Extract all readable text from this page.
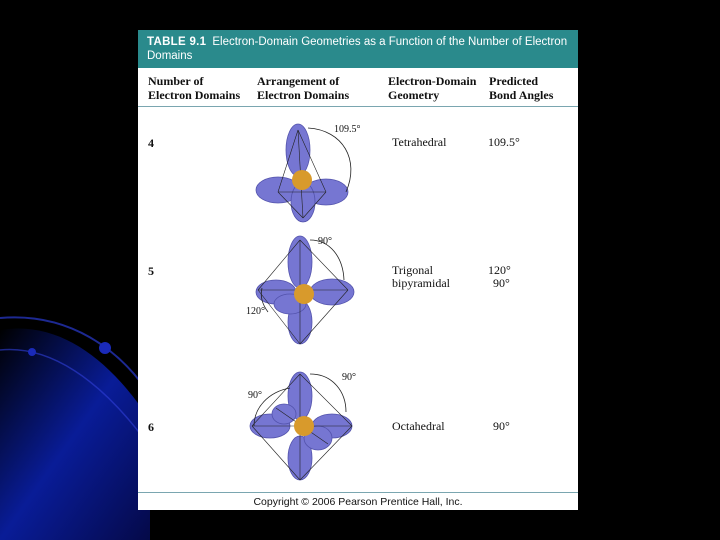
TABLE 9.1 Electron-Domain Geometries as a Function of the Number of Electron Domains
Number of
Electron Domains
Arrangement of
Electron Domains
Electron-Domain
Geometry
Predicted
Bond Angles
4
109.5°
Tetrahedral	109.5°
5
90°
120°
Trigonal
bipyramidal
120°
90°
6
90°
90°
Octahedral	90°
Copyright © 2006 Pearson Prentice Hall, Inc.
